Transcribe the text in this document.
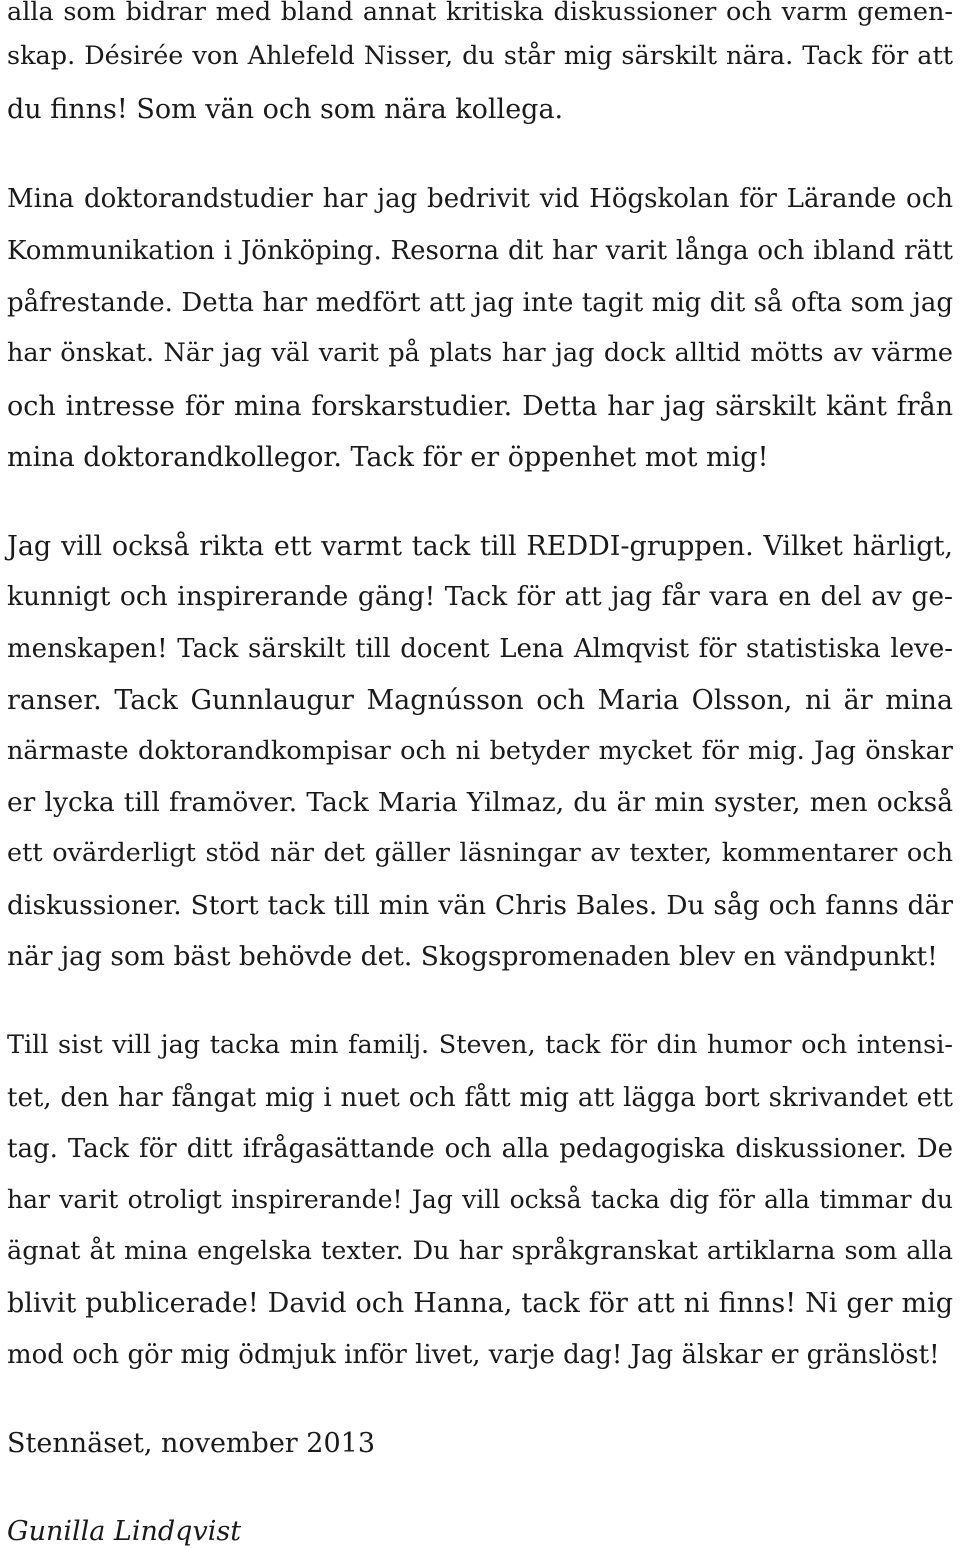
alla som bidrar med bland annat kritiska diskussioner och varm gemen-
skap. Désirée von Ahlefeld Nisser, du står mig särskilt nära. Tack för att
du finns! Som vän och som nära kollega.
Mina doktorandstudier har jag bedrivit vid Högskolan för Lärande och
Kommunikation i Jönköping. Resorna dit har varit långa och ibland rätt
påfrestande. Detta har medfört att jag inte tagit mig dit så ofta som jag
har önskat. När jag väl varit på plats har jag dock alltid mötts av värme
och intresse för mina forskarstudier. Detta har jag särskilt känt från
mina doktorandkollegor. Tack för er öppenhet mot mig!
Jag vill också rikta ett varmt tack till REDDI-gruppen. Vilket härligt,
kunnigt och inspirerande gäng! Tack för att jag får vara en del av ge-
menskapen! Tack särskilt till docent Lena Almqvist för statistiska leve-
ranser. Tack Gunnlaugur Magnússon och Maria Olsson, ni är mina
närmaste doktorandkompisar och ni betyder mycket för mig. Jag önskar
er lycka till framöver. Tack Maria Yilmaz, du är min syster, men också
ett ovärderligt stöd när det gäller läsningar av texter, kommentarer och
diskussioner. Stort tack till min vän Chris Bales. Du såg och fanns där
när jag som bäst behövde det. Skogspromenaden blev en vändpunkt!
Till sist vill jag tacka min familj. Steven, tack för din humor och intensi-
tet, den har fångat mig i nuet och fått mig att lägga bort skrivandet ett
tag. Tack för ditt ifrågasättande och alla pedagogiska diskussioner. De
har varit otroligt inspirerande! Jag vill också tacka dig för alla timmar du
ägnat åt mina engelska texter. Du har språkgranskat artiklarna som alla
blivit publicerade! David och Hanna, tack för att ni finns! Ni ger mig
mod och gör mig ödmjuk inför livet, varje dag! Jag älskar er gränslöst!
Stennäset, november 2013
Gunilla Lindqvist
